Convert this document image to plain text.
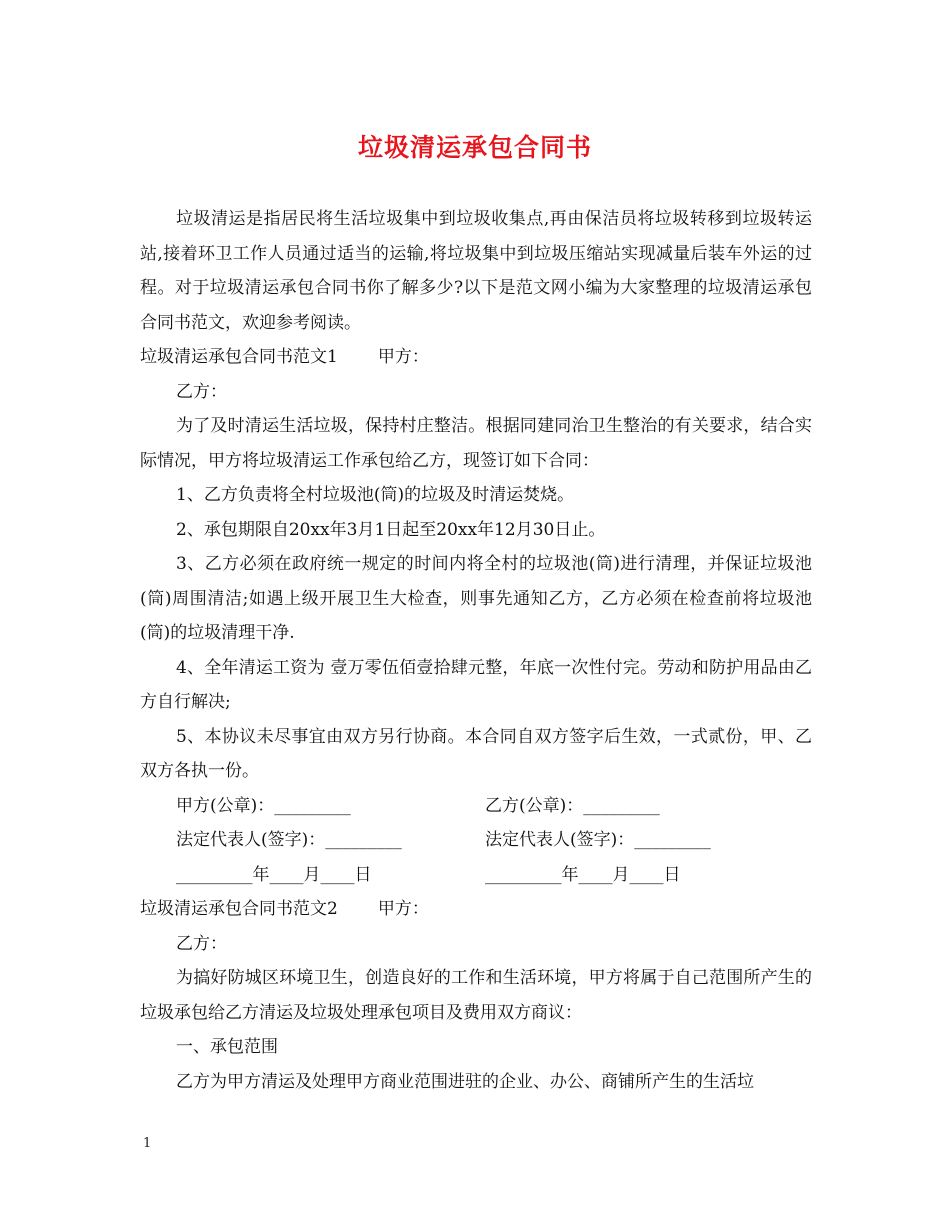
垃圾清运承包合同书

垃圾清运是指居民将生活垃圾集中到垃圾收集点,再由保洁员将垃圾转移到垃圾转运站,接着环卫工作人员通过适当的运输,将垃圾集中到垃圾压缩站实现减量后装车外运的过程。对于垃圾清运承包合同书你了解多少?以下是范文网小编为大家整理的垃圾清运承包合同书范文，欢迎参考阅读。

垃圾清运承包合同书范文1 甲方：

乙方：

为了及时清运生活垃圾，保持村庄整洁。根据同建同治卫生整治的有关要求，结合实际情况，甲方将垃圾清运工作承包给乙方，现签订如下合同：

1、乙方负责将全村垃圾池(筒)的垃圾及时清运焚烧。

2、承包期限自20xx年3月1日起至20xx年12月30日止。

3、乙方必须在政府统一规定的时间内将全村的垃圾池(筒)进行清理，并保证垃圾池(筒)周围清洁;如遇上级开展卫生大检查，则事先通知乙方，乙方必须在检查前将垃圾池(筒)的垃圾清理干净.

4、全年清运工资为 壹万零伍佰壹拾肆元整，年底一次性付完。劳动和防护用品由乙方自行解决;

5、本协议未尽事宜由双方另行协商。本合同自双方签字后生效，一式贰份，甲、乙双方各执一份。

甲方(公章)：_________	乙方(公章)：_________
法定代表人(签字)：_________	法定代表人(签字)：_________
_________年____月____日	_________年____月____日

垃圾清运承包合同书范文2 甲方：

乙方：

为搞好防城区环境卫生，创造良好的工作和生活环境，甲方将属于自己范围所产生的垃圾承包给乙方清运及垃圾处理承包项目及费用双方商议：

一、承包范围

乙方为甲方清运及处理甲方商业范围进驻的企业、办公、商铺所产生的生活垃

1
